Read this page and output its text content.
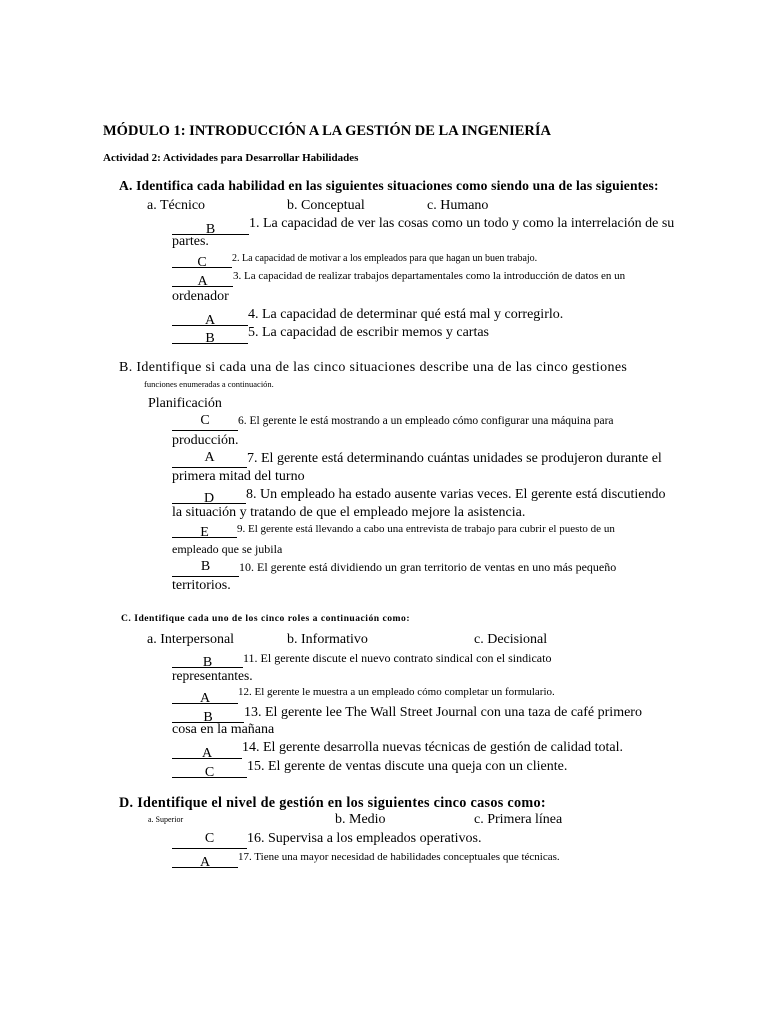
MÓDULO 1: INTRODUCCIÓN A LA GESTIÓN DE LA INGENIERÍA
Actividad 2: Actividades para Desarrollar Habilidades
A. Identifica cada habilidad en las siguientes situaciones como siendo una de las siguientes:
a. Técnico	b. Conceptual	c. Humano
B	1. La capacidad de ver las cosas como un todo y como la interrelación de su
partes.
C	2. La capacidad de motivar a los empleados para que hagan un buen trabajo.
A	3. La capacidad de realizar trabajos departamentales como la introducción de datos en un
ordenador
A	4. La capacidad de determinar qué está mal y corregirlo.
B	5. La capacidad de escribir memos y cartas
B. Identifique si cada una de las cinco situaciones describe una de las cinco gestiones
funciones enumeradas a continuación.
Planificación
C	6. El gerente le está mostrando a un empleado cómo configurar una máquina para
producción.
A	7. El gerente está determinando cuántas unidades se produjeron durante el
primera mitad del turno
D	8. Un empleado ha estado ausente varias veces. El gerente está discutiendo
la situación y tratando de que el empleado mejore la asistencia.
E	9. El gerente está llevando a cabo una entrevista de trabajo para cubrir el puesto de un
empleado que se jubila
B	10. El gerente está dividiendo un gran territorio de ventas en uno más pequeño
territorios.
C. Identifique cada uno de los cinco roles a continuación como:
a. Interpersonal	b. Informativo	c. Decisional
B	11. El gerente discute el nuevo contrato sindical con el sindicato
representantes.
A	12. El gerente le muestra a un empleado cómo completar un formulario.
B	13. El gerente lee The Wall Street Journal con una taza de café primero
cosa en la mañana
A	14. El gerente desarrolla nuevas técnicas de gestión de calidad total.
C	15. El gerente de ventas discute una queja con un cliente.
D. Identifique el nivel de gestión en los siguientes cinco casos como:
a. Superior	b. Medio	c. Primera línea
C	16. Supervisa a los empleados operativos.
A	17. Tiene una mayor necesidad de habilidades conceptuales que técnicas.
